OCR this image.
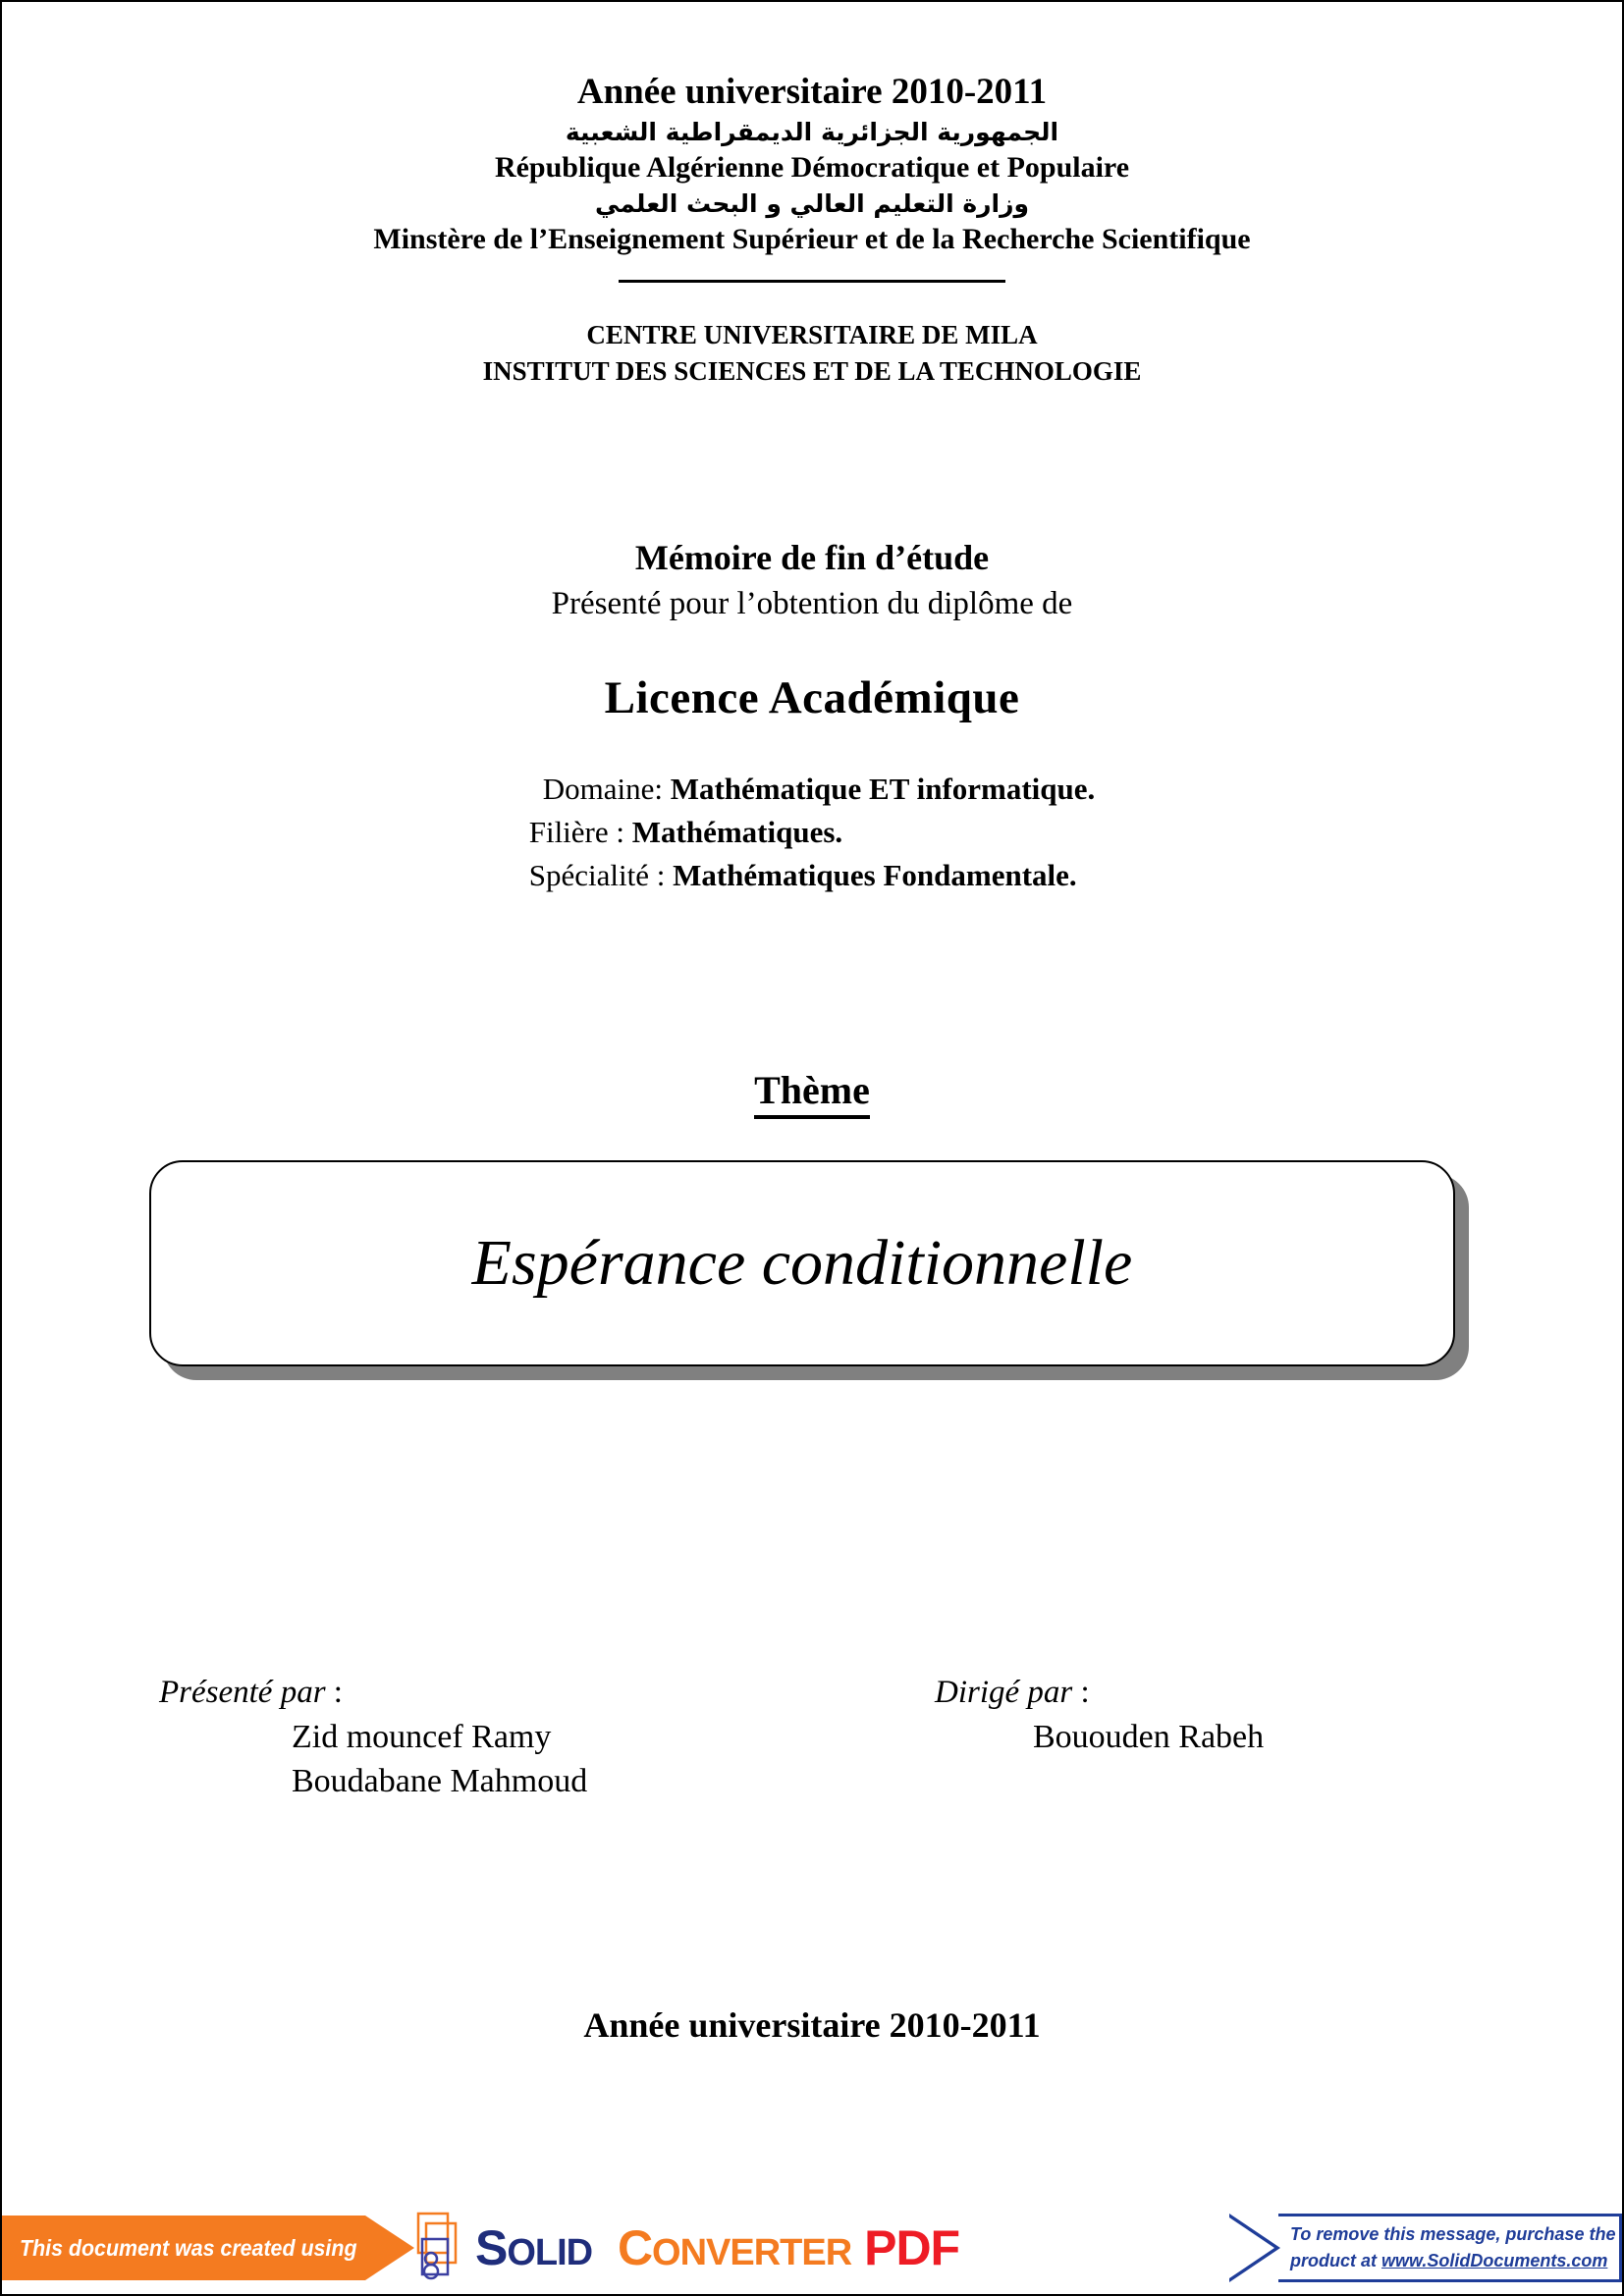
Année universitaire 2010-2011
الجمهورية الجزائرية الديمقراطية الشعبية
République Algérienne Démocratique et Populaire
وزارة التعليم العالي و البحث العلمي
Minstère de l’Enseignement Supérieur et de la Recherche Scientifique
CENTRE UNIVERSITAIRE DE MILA
INSTITUT DES SCIENCES ET DE LA TECHNOLOGIE
Mémoire de fin d’étude
Présenté pour l’obtention du diplôme de
Licence Académique
Domaine: Mathématique ET informatique.
Filière : Mathématiques.
Spécialité : Mathématiques Fondamentale.
Thème
Espérance conditionnelle
Présenté par :
Zid mouncef Ramy
Boudabane Mahmoud
Dirigé par :
Bououden Rabeh
Année universitaire 2010-2011
This document was created using SOLID CONVERTER PDF	To remove this message, purchase the
product at www.SolidDocuments.com
